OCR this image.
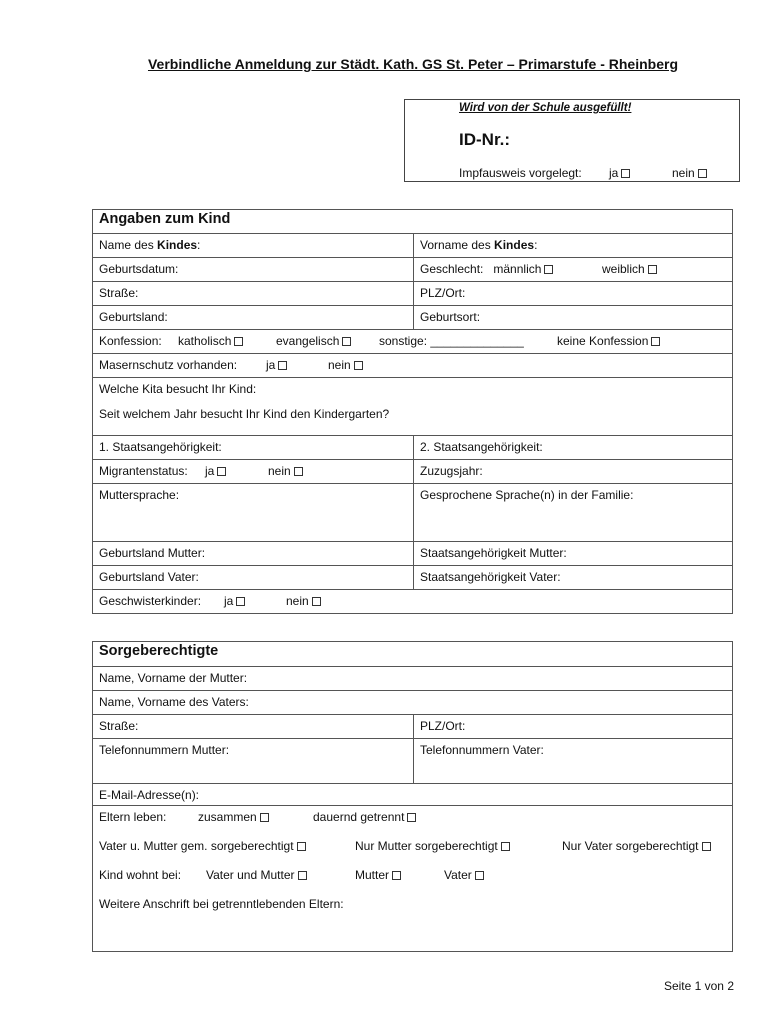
Verbindliche Anmeldung zur Städt. Kath. GS St. Peter – Primarstufe - Rheinberg
Wird von der Schule ausgefüllt!
ID-Nr.:
Impfausweis vorgelegt: ja	nein
Angaben zum Kind
Name des Kindes:	Vorname des Kindes:
Geburtsdatum:	Geschlecht: männlich	weiblich
Straße:	PLZ/Ort:
Geburtsland:	Geburtsort:
Konfession: katholisch	evangelisch	sonstige: ______________	keine Konfession
Masernschutz vorhanden: ja	nein
Welche Kita besucht Ihr Kind:
Seit welchem Jahr besucht Ihr Kind den Kindergarten?
1. Staatsangehörigkeit:	2. Staatsangehörigkeit:
Migrantenstatus: ja	nein	Zuzugsjahr:
Muttersprache:	Gesprochene Sprache(n) in der Familie:
Geburtsland Mutter:	Staatsangehörigkeit Mutter:
Geburtsland Vater:	Staatsangehörigkeit Vater:
Geschwisterkinder: ja	nein
Sorgeberechtigte
Name, Vorname der Mutter:
Name, Vorname des Vaters:
Straße:	PLZ/Ort:
Telefonnummern Mutter:	Telefonnummern Vater:
E-Mail-Adresse(n):
Eltern leben:	zusammen	dauernd getrennt
Vater u. Mutter gem. sorgeberechtigt	Nur Mutter sorgeberechtigt	Nur Vater sorgeberechtigt
Kind wohnt bei: Vater und Mutter	Mutter	Vater
Weitere Anschrift bei getrenntlebenden Eltern:
Seite 1 von 2
